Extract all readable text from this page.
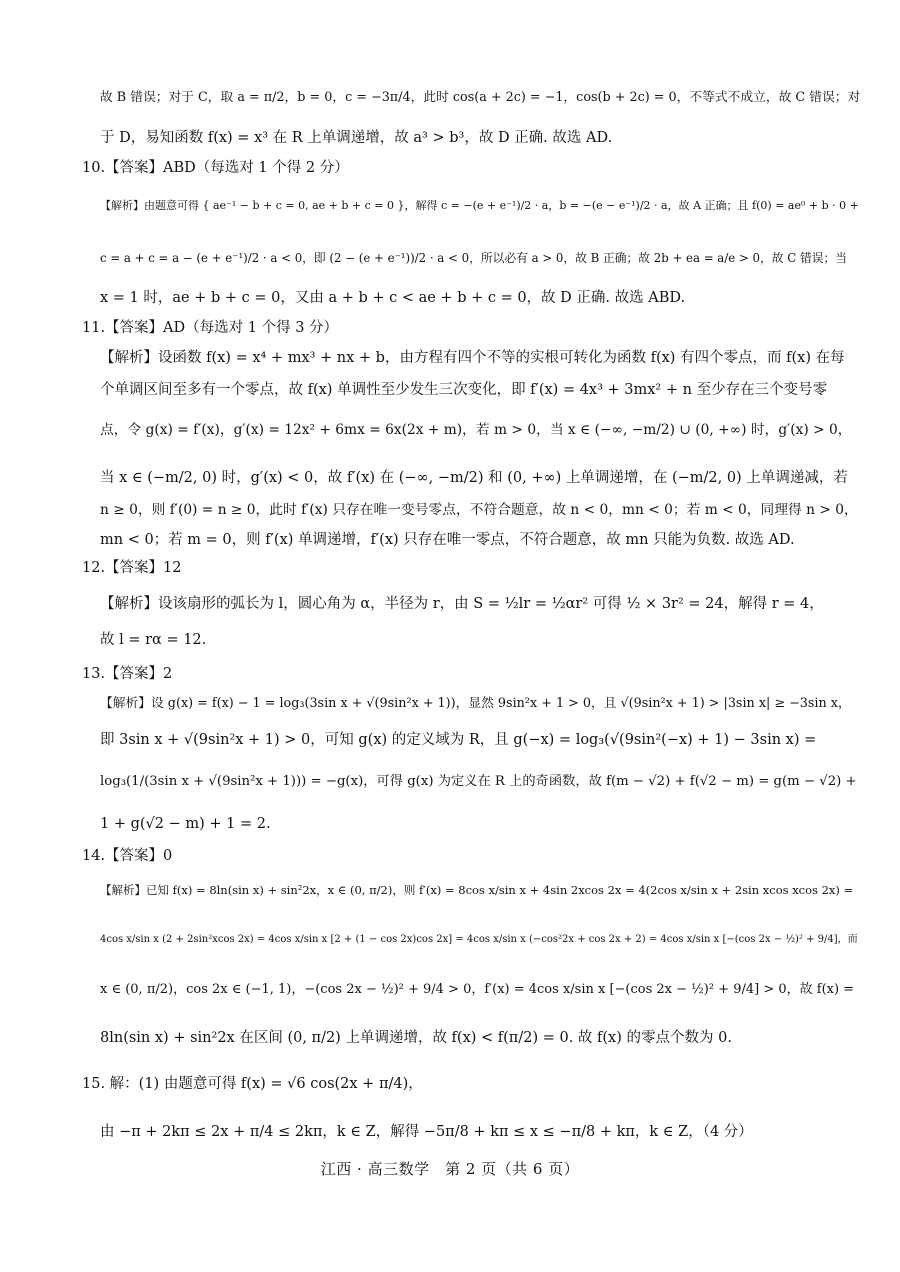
故 B 错误；对于 C，取 a = π/2，b = 0，c = −3π/4，此时 cos(a + 2c) = −1，cos(b + 2c) = 0，不等式不成立，故 C 错误；对
于 D，易知函数 f(x) = x³ 在 R 上单调递增，故 a³ > b³，故 D 正确. 故选 AD.
10.【答案】ABD（每选对 1 个得 2 分）
【解析】由题意可得 { ae⁻¹ − b + c = 0, ae + b + c = 0 }，解得 c = −(e + e⁻¹)/2 · a，b = −(e − e⁻¹)/2 · a，故 A 正确；且 f(0) = ae⁰ + b · 0 +
c = a + c = a − (e + e⁻¹)/2 · a < 0，即 (2 − (e + e⁻¹))/2 · a < 0，所以必有 a > 0，故 B 正确；故 2b + ea = a/e > 0，故 C 错误；当
x = 1 时，ae + b + c = 0，又由 a + b + c < ae + b + c = 0，故 D 正确. 故选 ABD.
11.【答案】AD（每选对 1 个得 3 分）
【解析】设函数 f(x) = x⁴ + mx³ + nx + b，由方程有四个不等的实根可转化为函数 f(x) 有四个零点，而 f(x) 在每
个单调区间至多有一个零点，故 f(x) 单调性至少发生三次变化，即 f′(x) = 4x³ + 3mx² + n 至少存在三个变号零
点，令 g(x) = f′(x)，g′(x) = 12x² + 6mx = 6x(2x + m)，若 m > 0，当 x ∈ (−∞, −m/2) ∪ (0, +∞) 时，g′(x) > 0，
当 x ∈ (−m/2, 0) 时，g′(x) < 0，故 f′(x) 在 (−∞, −m/2) 和 (0, +∞) 上单调递增，在 (−m/2, 0) 上单调递减，若
n ≥ 0，则 f′(0) = n ≥ 0，此时 f′(x) 只存在唯一变号零点，不符合题意，故 n < 0，mn < 0；若 m < 0，同理得 n > 0，
mn < 0；若 m = 0，则 f′(x) 单调递增，f′(x) 只存在唯一零点，不符合题意，故 mn 只能为负数. 故选 AD.
12.【答案】12
【解析】设该扇形的弧长为 l，圆心角为 α，半径为 r，由 S = ½lr = ½αr² 可得 ½ × 3r² = 24，解得 r = 4，
故 l = rα = 12.
13.【答案】2
【解析】设 g(x) = f(x) − 1 = log₃(3sin x + √(9sin²x + 1))，显然 9sin²x + 1 > 0，且 √(9sin²x + 1) > |3sin x| ≥ −3sin x，
即 3sin x + √(9sin²x + 1) > 0，可知 g(x) 的定义域为 R，且 g(−x) = log₃(√(9sin²(−x) + 1) − 3sin x) =
log₃(1/(3sin x + √(9sin²x + 1))) = −g(x)，可得 g(x) 为定义在 R 上的奇函数，故 f(m − √2) + f(√2 − m) = g(m − √2) +
1 + g(√2 − m) + 1 = 2.
14.【答案】0
【解析】已知 f(x) = 8ln(sin x) + sin²2x，x ∈ (0, π/2)，则 f′(x) = 8cos x/sin x + 4sin 2xcos 2x = 4(2cos x/sin x + 2sin xcos xcos 2x) =
4cos x/sin x (2 + 2sin²xcos 2x) = 4cos x/sin x [2 + (1 − cos 2x)cos 2x] = 4cos x/sin x (−cos²2x + cos 2x + 2) = 4cos x/sin x [−(cos 2x − ½)² + 9/4]，而
x ∈ (0, π/2)，cos 2x ∈ (−1, 1)，−(cos 2x − ½)² + 9/4 > 0，f′(x) = 4cos x/sin x [−(cos 2x − ½)² + 9/4] > 0，故 f(x) =
8ln(sin x) + sin²2x 在区间 (0, π/2) 上单调递增，故 f(x) < f(π/2) = 0. 故 f(x) 的零点个数为 0.
15. 解：(1) 由题意可得 f(x) = √6 cos(2x + π/4)，
由 −π + 2kπ ≤ 2x + π/4 ≤ 2kπ，k ∈ Z，解得 −5π/8 + kπ ≤ x ≤ −π/8 + kπ，k ∈ Z，（4 分）
江西 · 高三数学　第 2 页（共 6 页）
